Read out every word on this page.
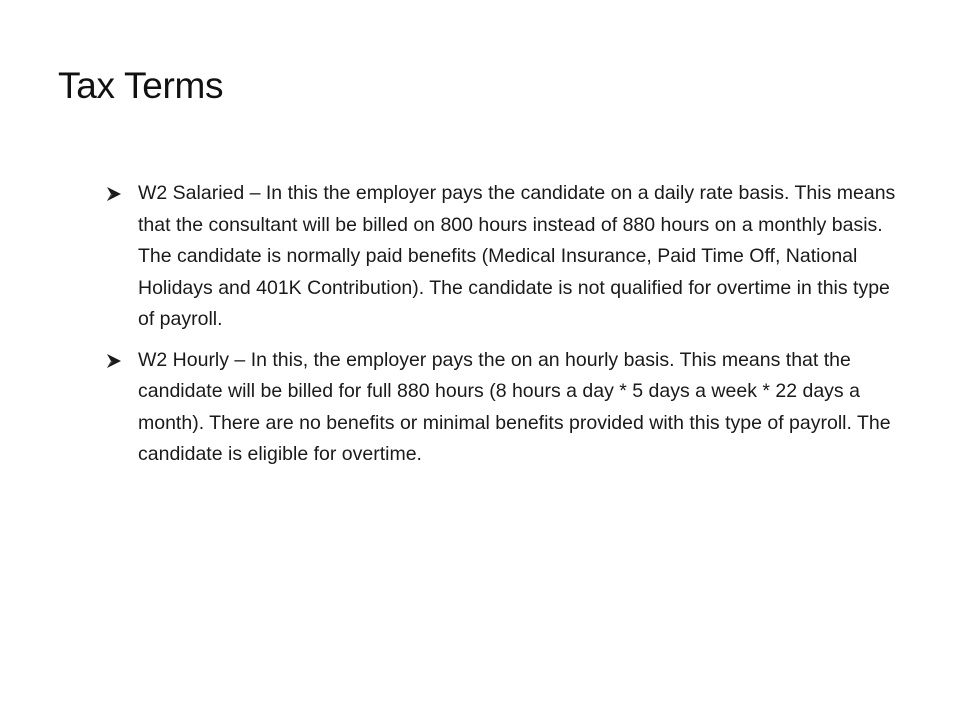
Tax Terms
W2 Salaried – In this the employer pays the candidate on a daily rate basis. This means that the consultant will be billed on 800 hours instead of 880 hours on a monthly basis. The candidate is normally paid benefits (Medical Insurance, Paid Time Off, National Holidays and 401K Contribution). The candidate is not qualified for overtime in this type of payroll.
W2 Hourly – In this, the employer pays the on an hourly basis. This means that the candidate will be billed for full 880 hours (8 hours a day * 5 days a week * 22 days a month). There are no benefits or minimal benefits provided with this type of payroll. The candidate is eligible for overtime.
